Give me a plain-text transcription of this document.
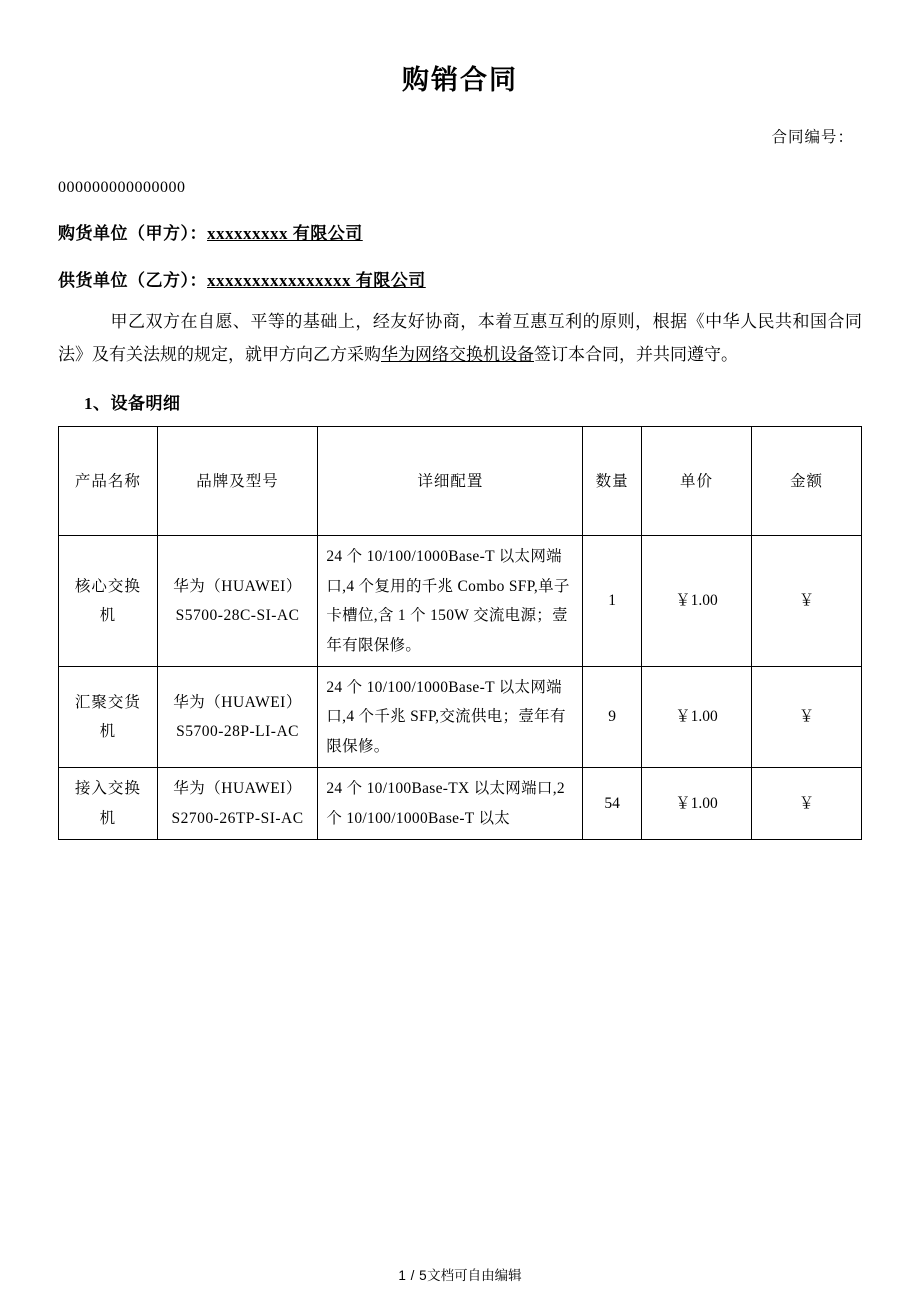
购销合同
合同编号：
000000000000000
购货单位（甲方）：xxxxxxxxx 有限公司
供货单位（乙方）：xxxxxxxxxxxxxxxx 有限公司

甲乙双方在自愿、平等的基础上，经友好协商，本着互惠互利的原则，根据《中华人民共和国合同法》及有关法规的规定，就甲方向乙方采购华为网络交换机设备签订本合同，并共同遵守。

1、设备明细
产品名称	品牌及型号	详细配置	数量	单价	金额
核心交换机	华为（HUAWEI）S5700-28C-SI-AC	24 个 10/100/1000Base-T 以太网端口,4 个复用的千兆 Combo SFP,单子卡槽位,含 1 个 150W 交流电源；壹年有限保修。	1	￥1.00	￥
汇聚交货机	华为（HUAWEI）S5700-28P-LI-AC	24 个 10/100/1000Base-T 以太网端口,4 个千兆 SFP,交流供电；壹年有限保修。	9	￥1.00	￥
接入交换机	华为（HUAWEI）S2700-26TP-SI-AC	24 个 10/100Base-TX 以太网端口,2 个 10/100/1000Base-T 以太	54	￥1.00	￥
1 / 5文档可自由编辑
